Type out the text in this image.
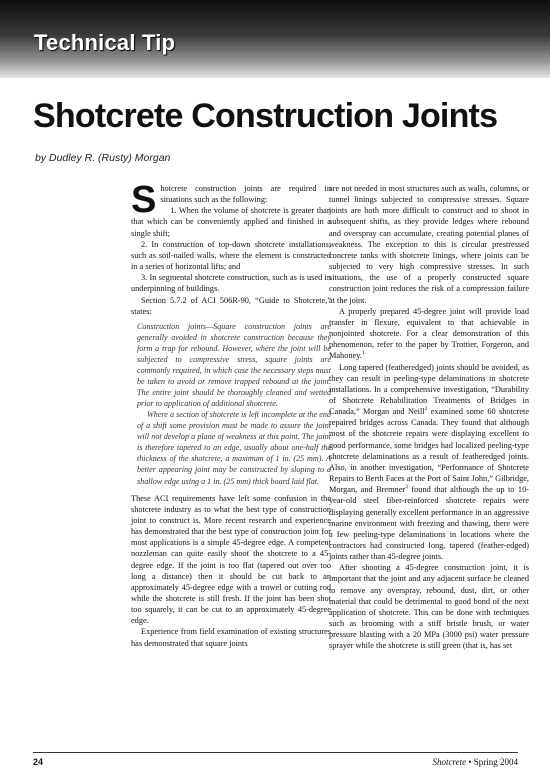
Technical Tip
Shotcrete Construction Joints
by Dudley R. (Rusty) Morgan

Shotcrete construction joints are required in situations such as the following:

1. When the volume of shotcrete is greater than that which can be conveniently applied and finished in a single shift;

2. In construction of top-down shotcrete installations, such as soil-nailed walls, where the element is constructed in a series of horizontal lifts; and

3. In segmental shotcrete construction, such as is used in underpinning of buildings.

Section 5.7.2 of ACI 506R-90, “Guide to Shotcrete,” states:

Construction joints—Square construction joints are generally avoided in shotcrete construction because they form a trap for rebound. However, where the joint will be subjected to compressive stress, square joints are commonly required, in which case the necessary steps must be taken to avoid or remove trapped rebound at the joint. The entire joint should be thoroughly cleaned and wetted prior to application of additional shotcrete.

Where a section of shotcrete is left incomplete at the end of a shift some provision must be made to assure the joint will not develop a plane of weakness at this point. The joint is therefore tapered to an edge, usually about one-half the thickness of the shotcrete, a maximum of 1 in. (25 mm). A better appearing joint may be constructed by sloping to a shallow edge using a 1 in. (25 mm) thick board laid flat.

These ACI requirements have left some confusion in the shotcrete industry as to what the best type of construction joint to construct is. More recent research and experience has demonstrated that the best type of construction joint for most applications is a simple 45-degree edge. A competent nozzleman can quite easily shoot the shotcrete to a 45-degree edge. If the joint is too flat (tapered out over too long a distance) then it should be cut back to an approximately 45-degree edge with a trowel or cutting rod while the shotcrete is still fresh. If the joint has been shot too squarely, it can be cut to an approximately 45-degree edge.

Experience from field examination of existing structures has demonstrated that square joints

are not needed in most structures such as walls, columns, or tunnel linings subjected to compressive stresses. Square joints are both more difficult to construct and to shoot in subsequent shifts, as they provide ledges where rebound and overspray can accumulate, creating potential planes of weakness. The exception to this is circular prestressed concrete tanks with shotcrete linings, where joints can be subjected to very high compressive stresses. In such situations, the use of a properly constructed square construction joint reduces the risk of a compression failure at the joint.

A properly prepared 45-degree joint will provide load transfer in flexure, equivalent to that achievable in nonjointed shotcrete. For a clear demonstration of this phenomenon, refer to the paper by Trottier, Forgeron, and Mahoney.$^1$

Long tapered (featheredged) joints should be avoided, as they can result in peeling-type delaminations in shotcrete installations. In a comprehensive investigation, “Durability of Shotcrete Rehabilitation Treatments of Bridges in Canada,” Morgan and Neill$^2$ examined some 60 shotcrete repaired bridges across Canada. They found that although most of the shotcrete repairs were displaying excellent to good performance, some bridges had localized peeling-type shotcrete delaminations as a result of featheredged joints. Also, in another investigation, “Performance of Shotcrete Repairs to Berth Faces at the Port of Saint John,” Gilbridge, Morgan, and Bremner$^3$ found that although the up to 10-year-old steel fiber-reinforced shotcrete repairs were displaying generally excellent performance in an aggressive marine environment with freezing and thawing, there were a few peeling-type delaminations in locations where the contractors had constructed long, tapered (feather-edged) joints rather than 45-degree joints.

After shooting a 45-degree construction joint, it is important that the joint and any adjacent surface be cleaned to remove any overspray, rebound, dust, dirt, or other material that could be detrimental to good bond of the next application of shotcrete. This can be done with techniques such as brooming with a stiff bristle brush, or water pressure blasting with a 20 MPa (3000 psi) water pressure sprayer while the shotcrete is still green (that is, has set

24	Shotcrete • Spring 2004
